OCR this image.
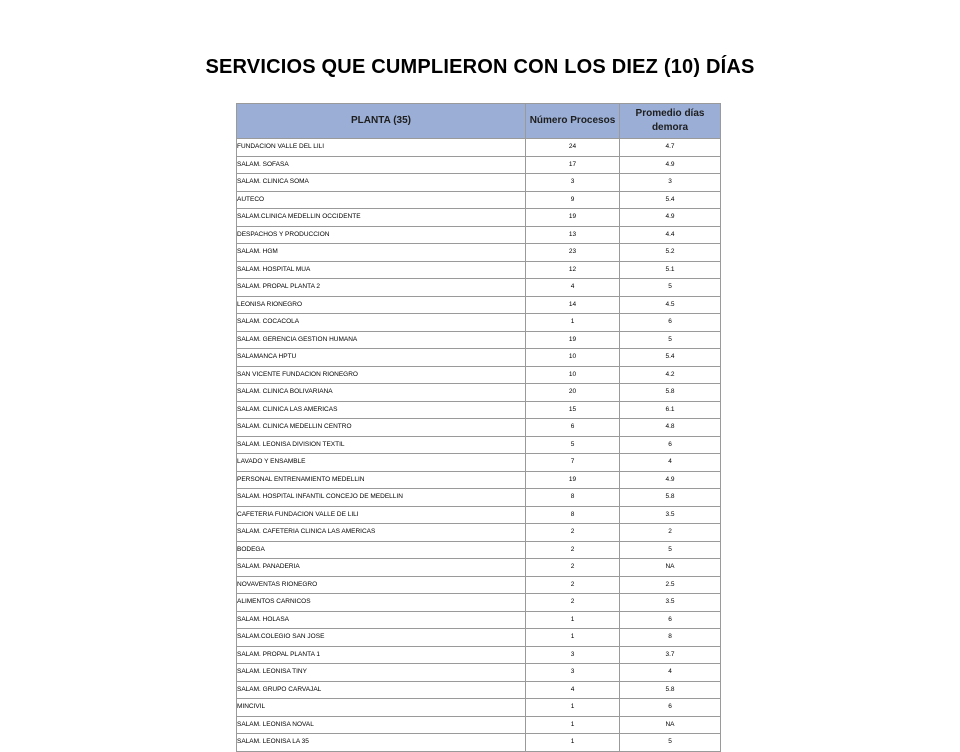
SERVICIOS QUE CUMPLIERON CON LOS DIEZ (10) DÍAS
PLANTA (35)	Número Procesos	Promedio días demora
FUNDACION VALLE DEL LILI	24	4.7
SALAM. SOFASA	17	4.9
SALAM. CLINICA SOMA	3	3
AUTECO	9	5.4
SALAM.CLINICA MEDELLIN OCCIDENTE	19	4.9
DESPACHOS Y PRODUCCION	13	4.4
SALAM. HGM	23	5.2
SALAM. HOSPITAL MUA	12	5.1
SALAM. PROPAL PLANTA 2	4	5
LEONISA RIONEGRO	14	4.5
SALAM. COCACOLA	1	6
SALAM. GERENCIA GESTION HUMANA	19	5
SALAMANCA HPTU	10	5.4
SAN VICENTE FUNDACION RIONEGRO	10	4.2
SALAM. CLINICA BOLIVARIANA	20	5.8
SALAM. CLINICA LAS AMERICAS	15	6.1
SALAM. CLINICA MEDELLIN CENTRO	6	4.8
SALAM. LEONISA DIVISION TEXTIL	5	6
LAVADO Y ENSAMBLE	7	4
PERSONAL ENTRENAMIENTO MEDELLIN	19	4.9
SALAM. HOSPITAL INFANTIL CONCEJO DE MEDELLIN	8	5.8
CAFETERIA FUNDACION VALLE DE LILI	8	3.5
SALAM. CAFETERIA CLINICA LAS AMERICAS	2	2
BODEGA	2	5
SALAM. PANADERIA	2	NA
NOVAVENTAS RIONEGRO	2	2.5
ALIMENTOS CARNICOS	2	3.5
SALAM. HOLASA	1	6
SALAM.COLEGIO SAN JOSE	1	8
SALAM. PROPAL PLANTA 1	3	3.7
SALAM. LEONISA TINY	3	4
SALAM. GRUPO CARVAJAL	4	5.8
MINCIVIL	1	6
SALAM. LEONISA NOVAL	1	NA
SALAM. LEONISA LA 35	1	5
